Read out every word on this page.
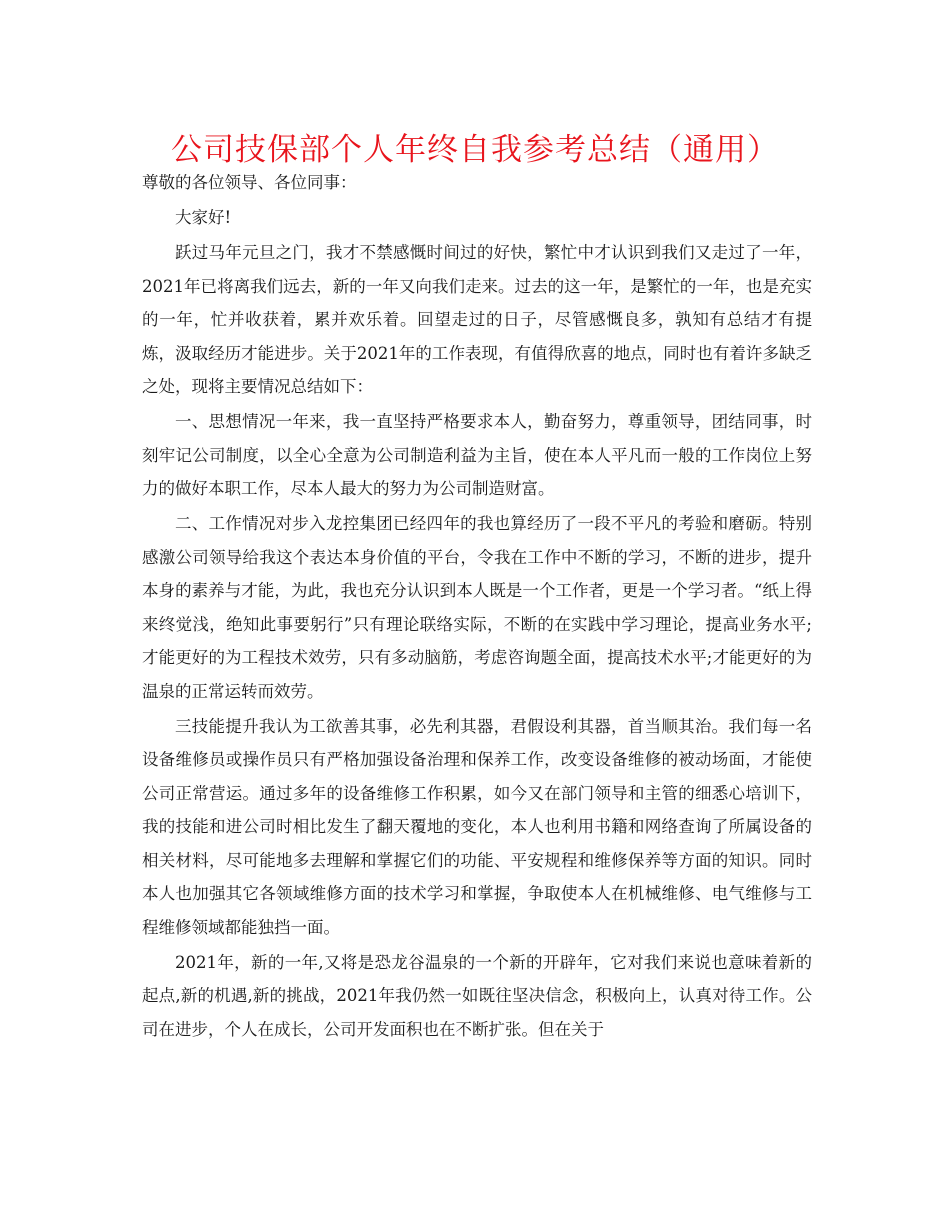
公司技保部个人年终自我参考总结（通用）

尊敬的各位领导、各位同事：

大家好!

跃过马年元旦之门，我才不禁感慨时间过的好快，繁忙中才认识到我们又走过了一年，2021年已将离我们远去，新的一年又向我们走来。过去的这一年，是繁忙的一年，也是充实的一年，忙并收获着，累并欢乐着。回望走过的日子，尽管感慨良多，孰知有总结才有提炼，汲取经历才能进步。关于2021年的工作表现，有值得欣喜的地点，同时也有着许多缺乏之处，现将主要情况总结如下：

一、思想情况一年来，我一直坚持严格要求本人，勤奋努力，尊重领导，团结同事，时刻牢记公司制度，以全心全意为公司制造利益为主旨，使在本人平凡而一般的工作岗位上努力的做好本职工作，尽本人最大的努力为公司制造财富。

二、工作情况对步入龙控集团已经四年的我也算经历了一段不平凡的考验和磨砺。特别感激公司领导给我这个表达本身价值的平台，令我在工作中不断的学习，不断的进步，提升本身的素养与才能，为此，我也充分认识到本人既是一个工作者，更是一个学习者。“纸上得来终觉浅，绝知此事要躬行”只有理论联络实际，不断的在实践中学习理论，提高业务水平;才能更好的为工程技术效劳，只有多动脑筋，考虑咨询题全面，提高技术水平;才能更好的为温泉的正常运转而效劳。

三技能提升我认为工欲善其事，必先利其器，君假设利其器，首当顺其治。我们每一名设备维修员或操作员只有严格加强设备治理和保养工作，改变设备维修的被动场面，才能使公司正常营运。通过多年的设备维修工作积累，如今又在部门领导和主管的细悉心培训下，我的技能和进公司时相比发生了翻天覆地的变化，本人也利用书籍和网络查询了所属设备的相关材料，尽可能地多去理解和掌握它们的功能、平安规程和维修保养等方面的知识。同时本人也加强其它各领域维修方面的技术学习和掌握，争取使本人在机械维修、电气维修与工程维修领域都能独挡一面。

2021年，新的一年,又将是恐龙谷温泉的一个新的开辟年，它对我们来说也意味着新的起点,新的机遇,新的挑战，2021年我仍然一如既往坚决信念，积极向上，认真对待工作。公司在进步，个人在成长，公司开发面积也在不断扩张。但在关于
